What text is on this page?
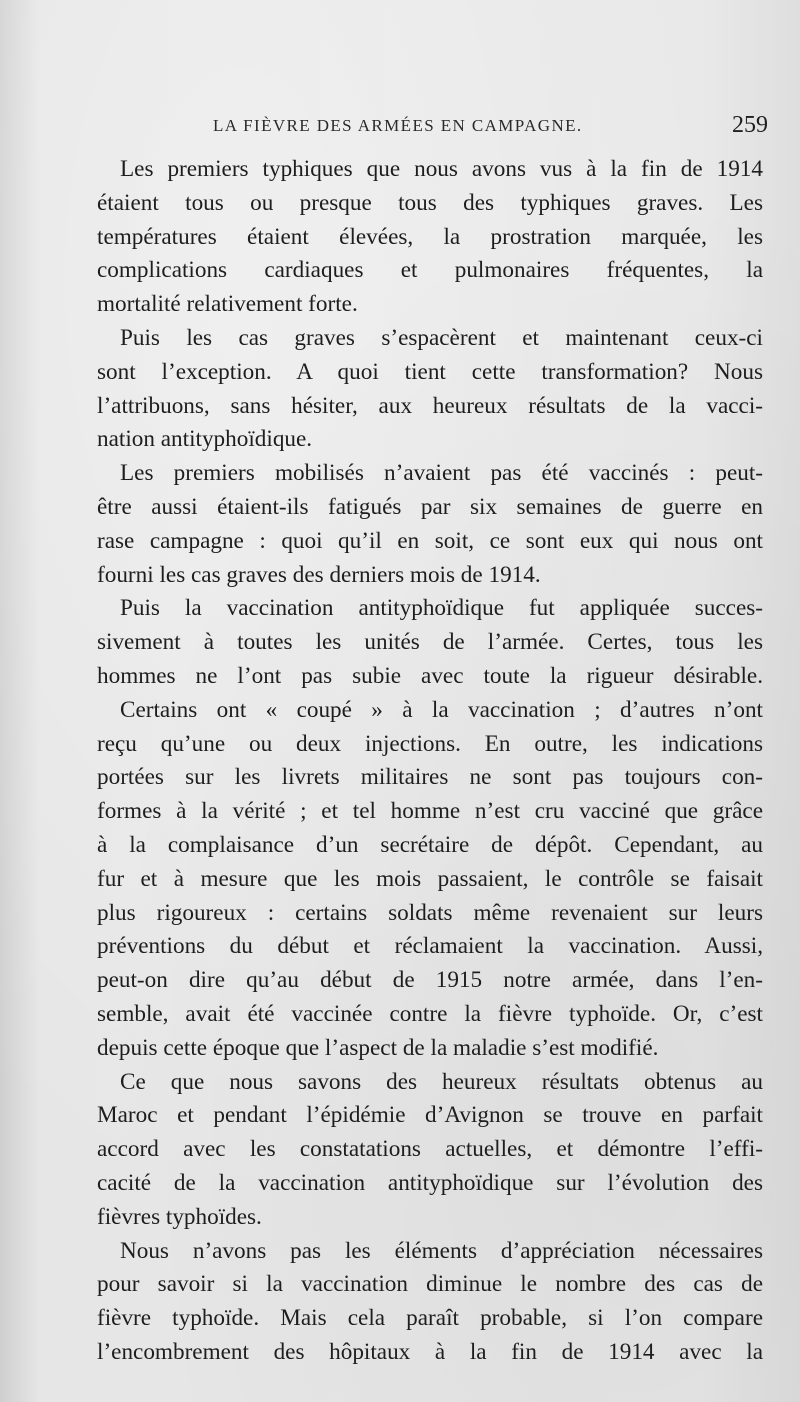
LA FIÈVRE DES ARMÉES EN CAMPAGNE.	259
Les premiers typhiques que nous avons vus à la fin de 1914
étaient tous ou presque tous des typhiques graves. Les
températures étaient élevées, la prostration marquée, les
complications cardiaques et pulmonaires fréquentes, la
mortalité relativement forte.
Puis les cas graves s’espacèrent et maintenant ceux-ci
sont l’exception. A quoi tient cette transformation? Nous
l’attribuons, sans hésiter, aux heureux résultats de la vacci-
nation antityphoïdique.
Les premiers mobilisés n’avaient pas été vaccinés : peut-
être aussi étaient-ils fatigués par six semaines de guerre en
rase campagne : quoi qu’il en soit, ce sont eux qui nous ont
fourni les cas graves des derniers mois de 1914.
Puis la vaccination antityphoïdique fut appliquée succes-
sivement à toutes les unités de l’armée. Certes, tous les
hommes ne l’ont pas subie avec toute la rigueur désirable.
Certains ont « coupé » à la vaccination ; d’autres n’ont
reçu qu’une ou deux injections. En outre, les indications
portées sur les livrets militaires ne sont pas toujours con-
formes à la vérité ; et tel homme n’est cru vacciné que grâce
à la complaisance d’un secrétaire de dépôt. Cependant, au
fur et à mesure que les mois passaient, le contrôle se faisait
plus rigoureux : certains soldats même revenaient sur leurs
préventions du début et réclamaient la vaccination. Aussi,
peut-on dire qu’au début de 1915 notre armée, dans l’en-
semble, avait été vaccinée contre la fièvre typhoïde. Or, c’est
depuis cette époque que l’aspect de la maladie s’est modifié.
Ce que nous savons des heureux résultats obtenus au
Maroc et pendant l’épidémie d’Avignon se trouve en parfait
accord avec les constatations actuelles, et démontre l’effi-
cacité de la vaccination antityphoïdique sur l’évolution des
fièvres typhoïdes.
Nous n’avons pas les éléments d’appréciation nécessaires
pour savoir si la vaccination diminue le nombre des cas de
fièvre typhoïde. Mais cela paraît probable, si l’on compare
l’encombrement des hôpitaux à la fin de 1914 avec la
